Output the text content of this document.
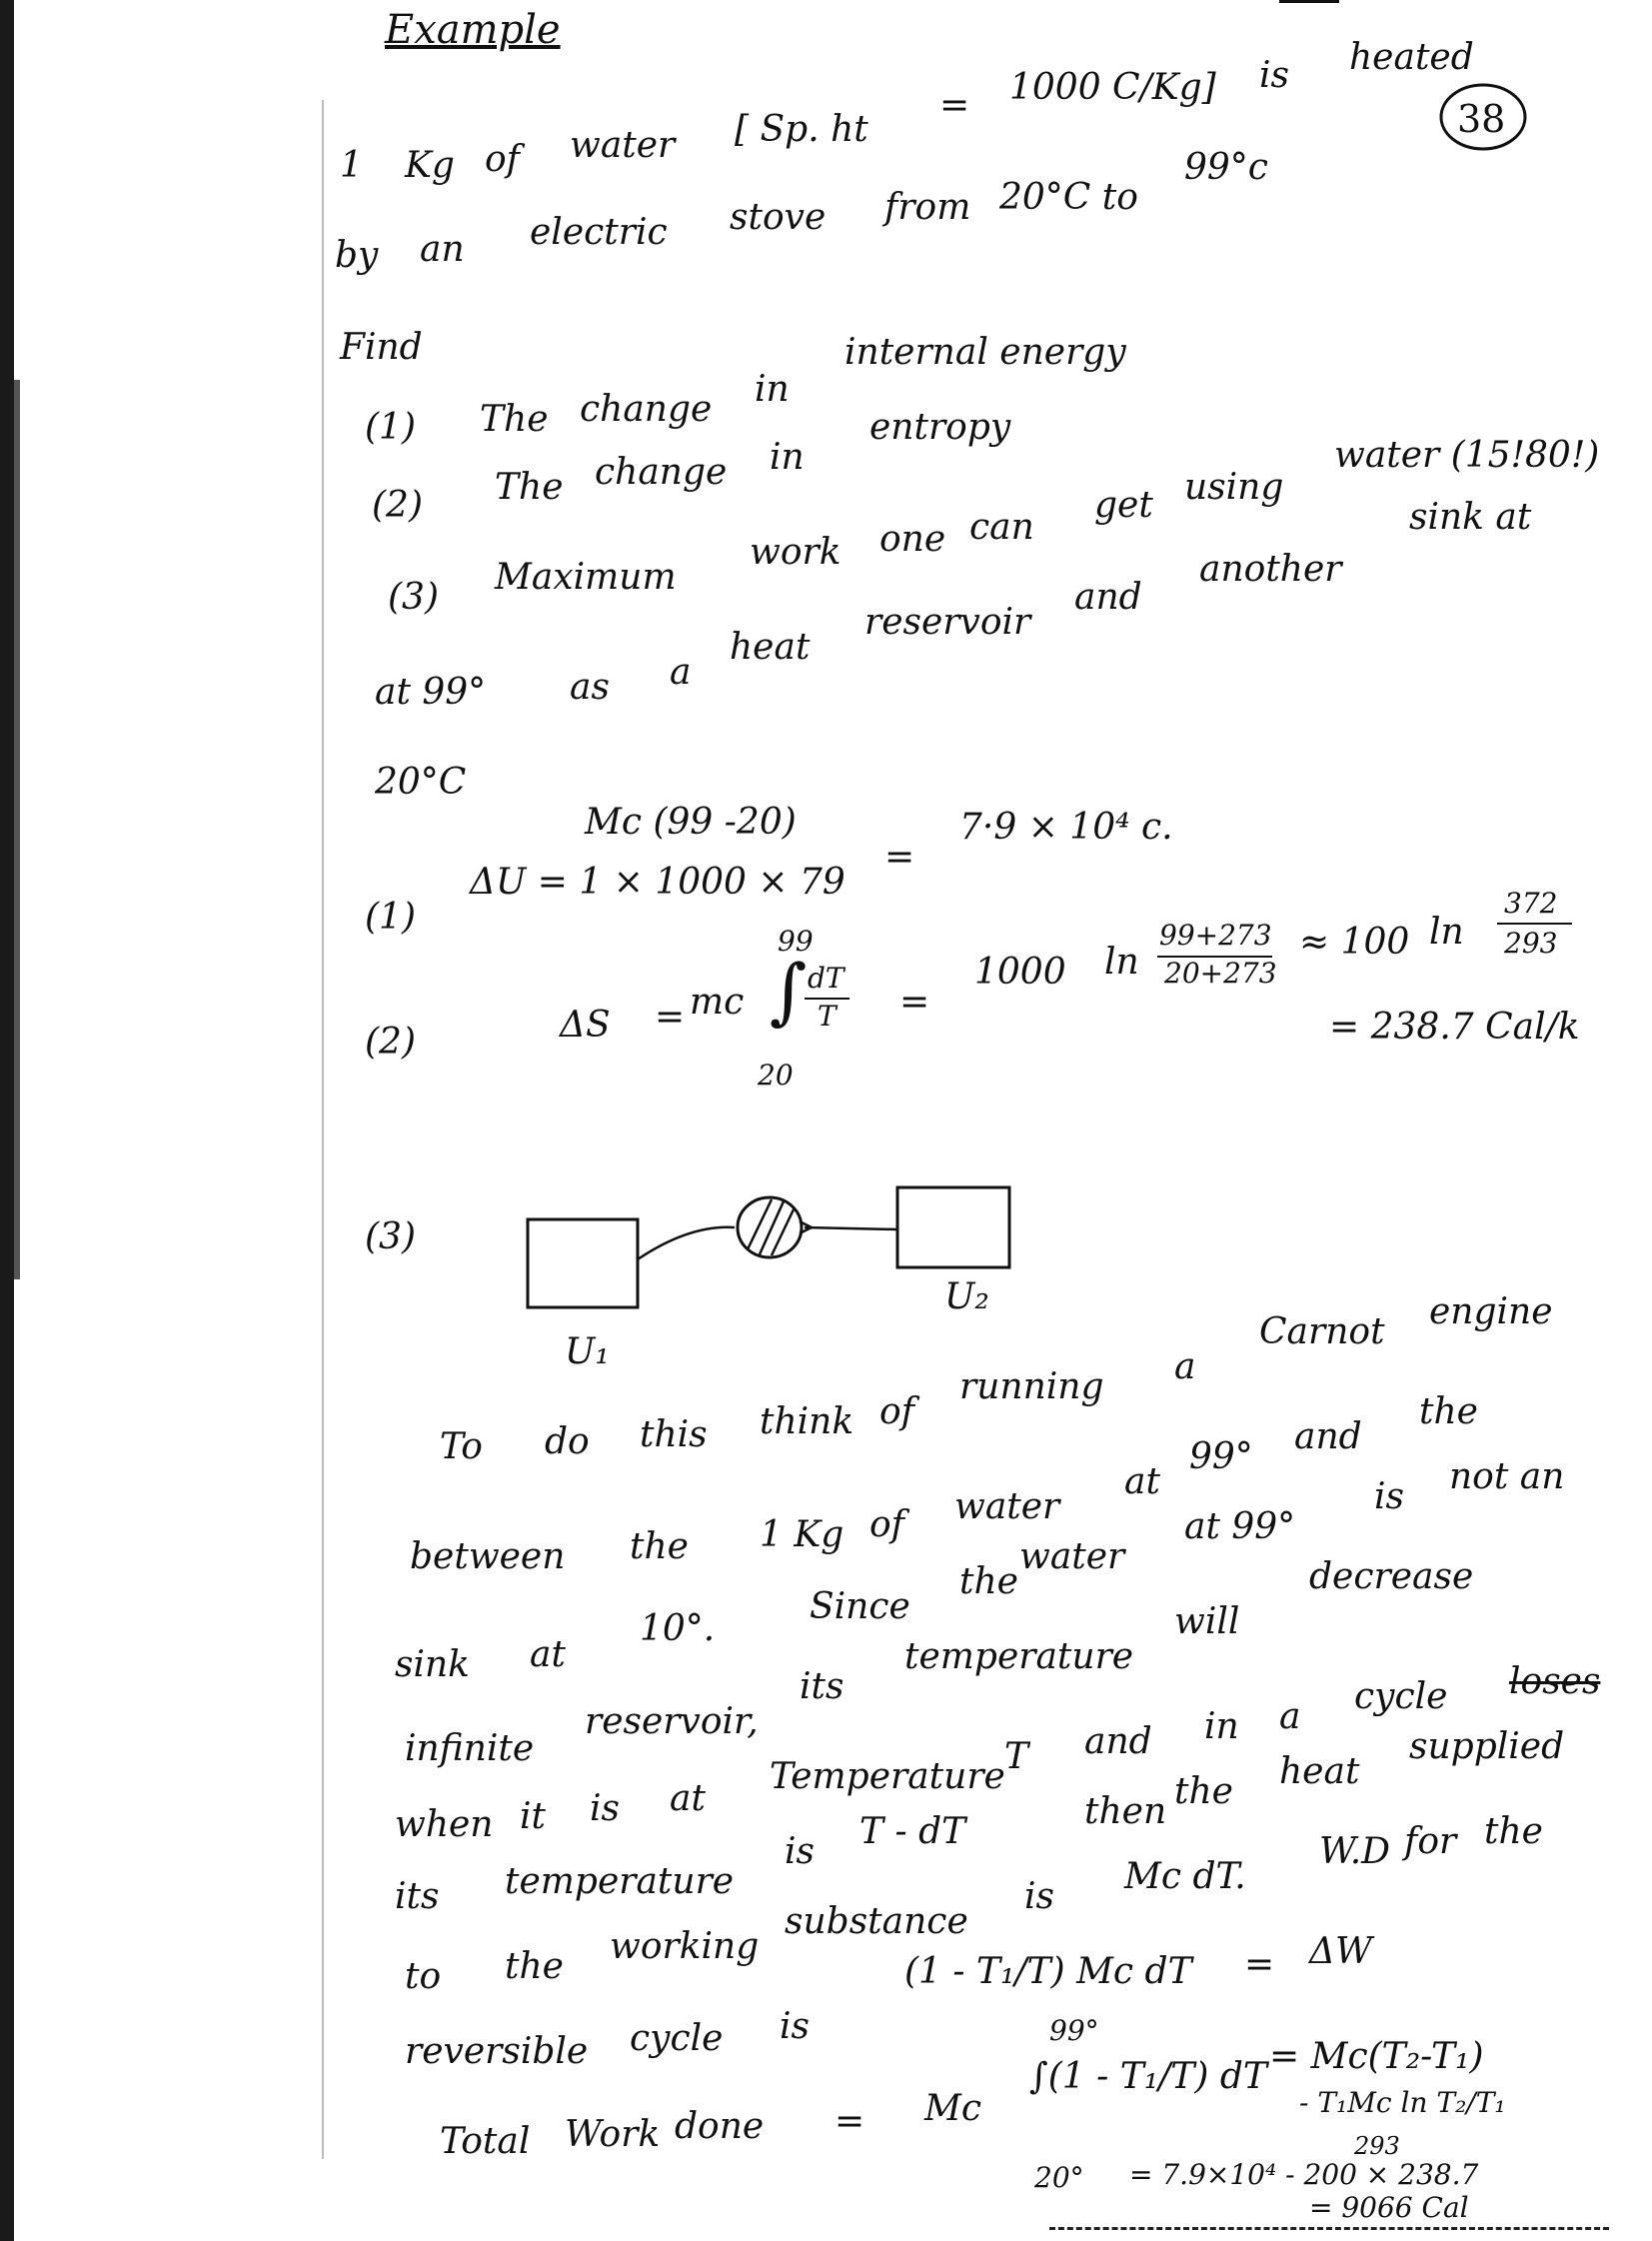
Example
38
1 Kg of water [ Sp. ht
= 1000 C/Kg] is heated
by an electric stove from 20°C to
99°c
Find
(1) The change in
internal energy
(2) The change in
entropy
(3) Maximum
work one can
get using
water (15!80!)
and
another
sink at
at 99° as a
heat
reservoir
20°C
Mc (99 -20)
(1)
ΔU = 1 × 1000 × 79
=
7·9 × 10⁴ c.
99
(2)	ΔS = mc ∫ dT
T
20
=
1000 ln
99+273
20+273
≈ 100 ln
372
293
= 238.7 Cal/k
(3)
U₂
U₁	Carnot engine
a
To do this think of
running
between the 1 Kg of water
at
99° and
the
not an
is
at 99°
water
the
Since
10°.
at
sink
decrease
will
temperature
its
reservoir,
infinite
loses
cycle
a
in
and
T
Temperature
at
is
it
when
supplied
heat
the
then
T - dT
is
temperature
its
the
for
W.D
Mc dT.
is
substance
working
the
to
ΔW
=
(1 - T₁/T) Mc dT
is
cycle
reversible
99°
∫(1 - T₁/T) dT = Mc(T₂-T₁)
- T₁Mc ln T₂/T₁
293
Total Work done = Mc
20° = 7.9×10⁴ - 200 × 238.7
= 9066 Cal
